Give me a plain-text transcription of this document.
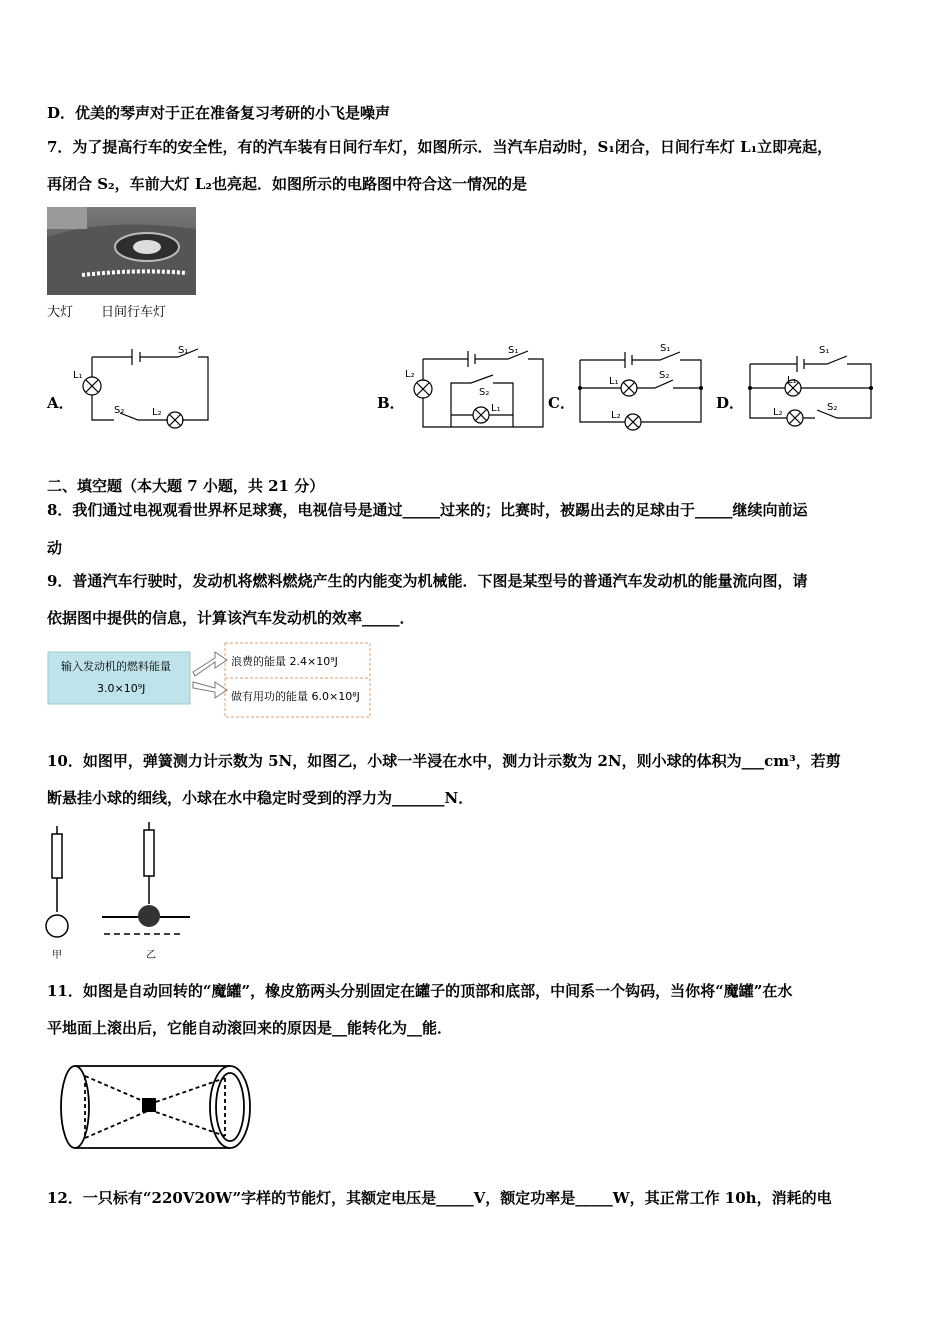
D．优美的琴声对于正在准备复习考研的小飞是噪声
7．为了提高行车的安全性，有的汽车装有日间行车灯，如图所示．当汽车启动时，S₁闭合，日间行车灯 L₁立即亮起，
再闭合 S₂，车前大灯 L₂也亮起．如图所示的电路图中符合这一情况的是
大灯 日间行车灯
A．	B．	C．	D．
S₁
L₁
S₂	L₂
S₁
L₂
S₂
L₁
S₁
L₁
S₂
L₂
S₁
L₁
S₂
L₂
二、填空题（本大题 7 小题，共 21 分）
8．我们通过电视观看世界杯足球赛，电视信号是通过_____过来的；比赛时，被踢出去的足球由于_____继续向前运
动
9．普通汽车行驶时，发动机将燃料燃烧产生的内能变为机械能．下图是某型号的普通汽车发动机的能量流向图，请
依据图中提供的信息，计算该汽车发动机的效率_____．
输入发动机的燃料能量
3.0×10⁹J
浪费的能量 2.4×10⁹J
做有用功的能量 6.0×10⁸J
10．如图甲，弹簧测力计示数为 5N，如图乙，小球一半浸在水中，测力计示数为 2N，则小球的体积为___cm³，若剪
断悬挂小球的细线，小球在水中稳定时受到的浮力为_______N．
甲	乙
11．如图是自动回转的“魔罐”，橡皮筋两头分别固定在罐子的顶部和底部，中间系一个钩码，当你将“魔罐”在水
平地面上滚出后，它能自动滚回来的原因是__能转化为__能．
12．一只标有“220V20W”字样的节能灯，其额定电压是_____V，额定功率是_____W，其正常工作 10h，消耗的电
